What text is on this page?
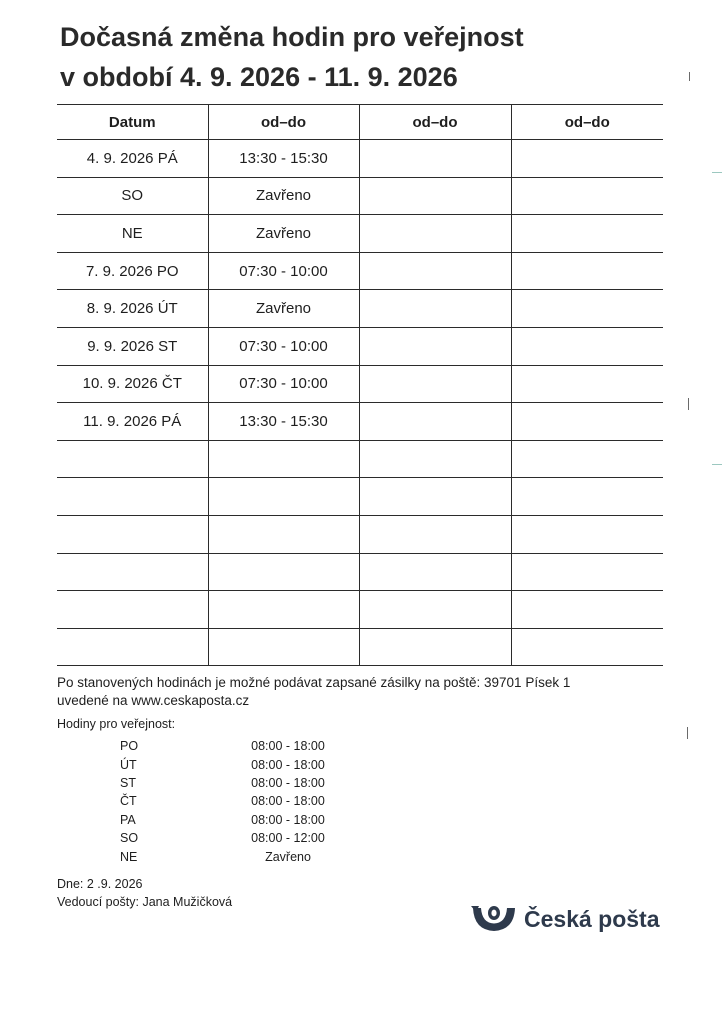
Dočasná změna hodin pro veřejnost
v období 4. 9. 2026 - 11. 9. 2026
Datum	od–do	od–do	od–do
4. 9. 2026 PÁ	13:30 - 15:30		
SO	Zavřeno		
NE	Zavřeno		
7. 9. 2026 PO	07:30 - 10:00		
8. 9. 2026 ÚT	Zavřeno		
9. 9. 2026 ST	07:30 - 10:00		
10. 9. 2026 ČT	07:30 - 10:00		
11. 9. 2026 PÁ	13:30 - 15:30		

Po stanovených hodinách je možné podávat zapsané zásilky na poště: 39701 Písek 1
uvedené na www.ceskaposta.cz
Hodiny pro veřejnost:
PO	08:00 - 18:00
ÚT	08:00 - 18:00
ST	08:00 - 18:00
ČT	08:00 - 18:00
PA	08:00 - 18:00
SO	08:00 - 12:00
NE	Zavřeno
Dne: 2 .9. 2026
Vedoucí pošty: Jana Mužičková
Česká pošta
